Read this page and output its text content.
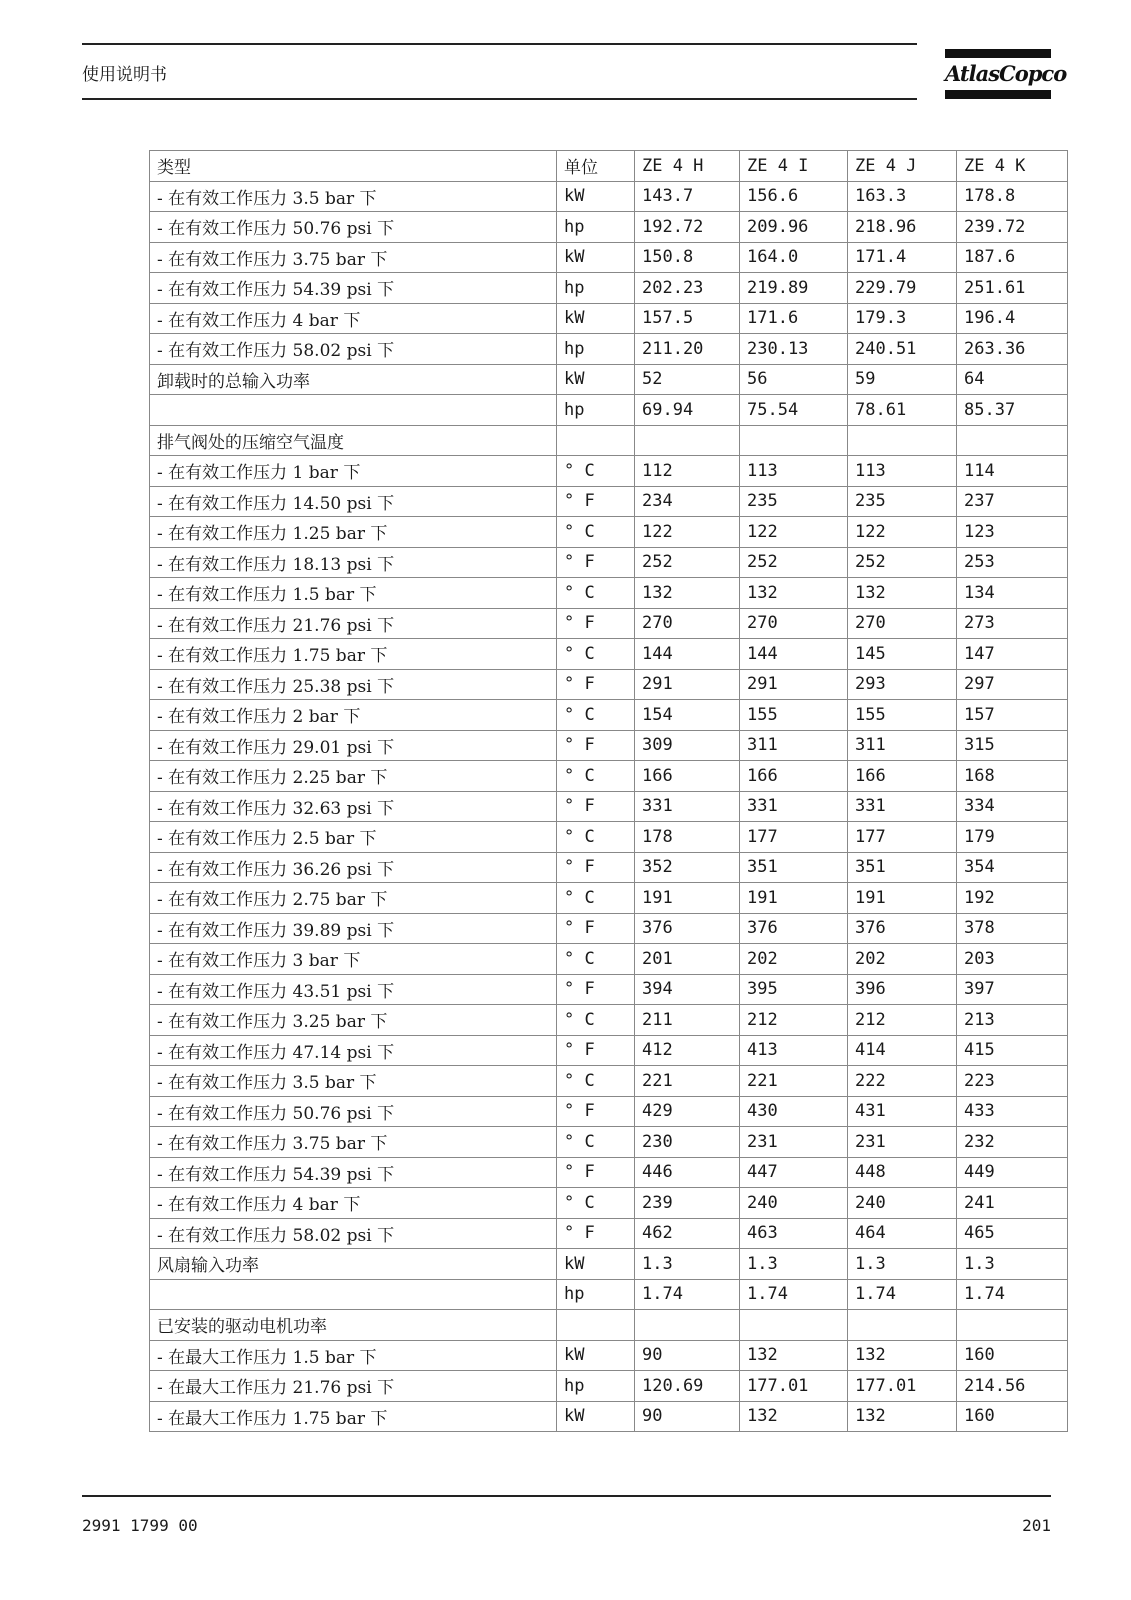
使用说明书	AtlasCopco
类型	单位	ZE 4 H	ZE 4 I	ZE 4 J	ZE 4 K
- 在有效工作压力 3.5 bar 下	kW	143.7	156.6	163.3	178.8
- 在有效工作压力 50.76 psi 下	hp	192.72	209.96	218.96	239.72
- 在有效工作压力 3.75 bar 下	kW	150.8	164.0	171.4	187.6
- 在有效工作压力 54.39 psi 下	hp	202.23	219.89	229.79	251.61
- 在有效工作压力 4 bar 下	kW	157.5	171.6	179.3	196.4
- 在有效工作压力 58.02 psi 下	hp	211.20	230.13	240.51	263.36
卸载时的总输入功率	kW	52	56	59	64
	hp	69.94	75.54	78.61	85.37
排气阀处的压缩空气温度					
- 在有效工作压力 1 bar 下	° C	112	113	113	114
- 在有效工作压力 14.50 psi 下	° F	234	235	235	237
- 在有效工作压力 1.25 bar 下	° C	122	122	122	123
- 在有效工作压力 18.13 psi 下	° F	252	252	252	253
- 在有效工作压力 1.5 bar 下	° C	132	132	132	134
- 在有效工作压力 21.76 psi 下	° F	270	270	270	273
- 在有效工作压力 1.75 bar 下	° C	144	144	145	147
- 在有效工作压力 25.38 psi 下	° F	291	291	293	297
- 在有效工作压力 2 bar 下	° C	154	155	155	157
- 在有效工作压力 29.01 psi 下	° F	309	311	311	315
- 在有效工作压力 2.25 bar 下	° C	166	166	166	168
- 在有效工作压力 32.63 psi 下	° F	331	331	331	334
- 在有效工作压力 2.5 bar 下	° C	178	177	177	179
- 在有效工作压力 36.26 psi 下	° F	352	351	351	354
- 在有效工作压力 2.75 bar 下	° C	191	191	191	192
- 在有效工作压力 39.89 psi 下	° F	376	376	376	378
- 在有效工作压力 3 bar 下	° C	201	202	202	203
- 在有效工作压力 43.51 psi 下	° F	394	395	396	397
- 在有效工作压力 3.25 bar 下	° C	211	212	212	213
- 在有效工作压力 47.14 psi 下	° F	412	413	414	415
- 在有效工作压力 3.5 bar 下	° C	221	221	222	223
- 在有效工作压力 50.76 psi 下	° F	429	430	431	433
- 在有效工作压力 3.75 bar 下	° C	230	231	231	232
- 在有效工作压力 54.39 psi 下	° F	446	447	448	449
- 在有效工作压力 4 bar 下	° C	239	240	240	241
- 在有效工作压力 58.02 psi 下	° F	462	463	464	465
风扇输入功率	kW	1.3	1.3	1.3	1.3
	hp	1.74	1.74	1.74	1.74
已安装的驱动电机功率					
- 在最大工作压力 1.5 bar 下	kW	90	132	132	160
- 在最大工作压力 21.76 psi 下	hp	120.69	177.01	177.01	214.56
- 在最大工作压力 1.75 bar 下	kW	90	132	132	160
2991 1799 00	201
